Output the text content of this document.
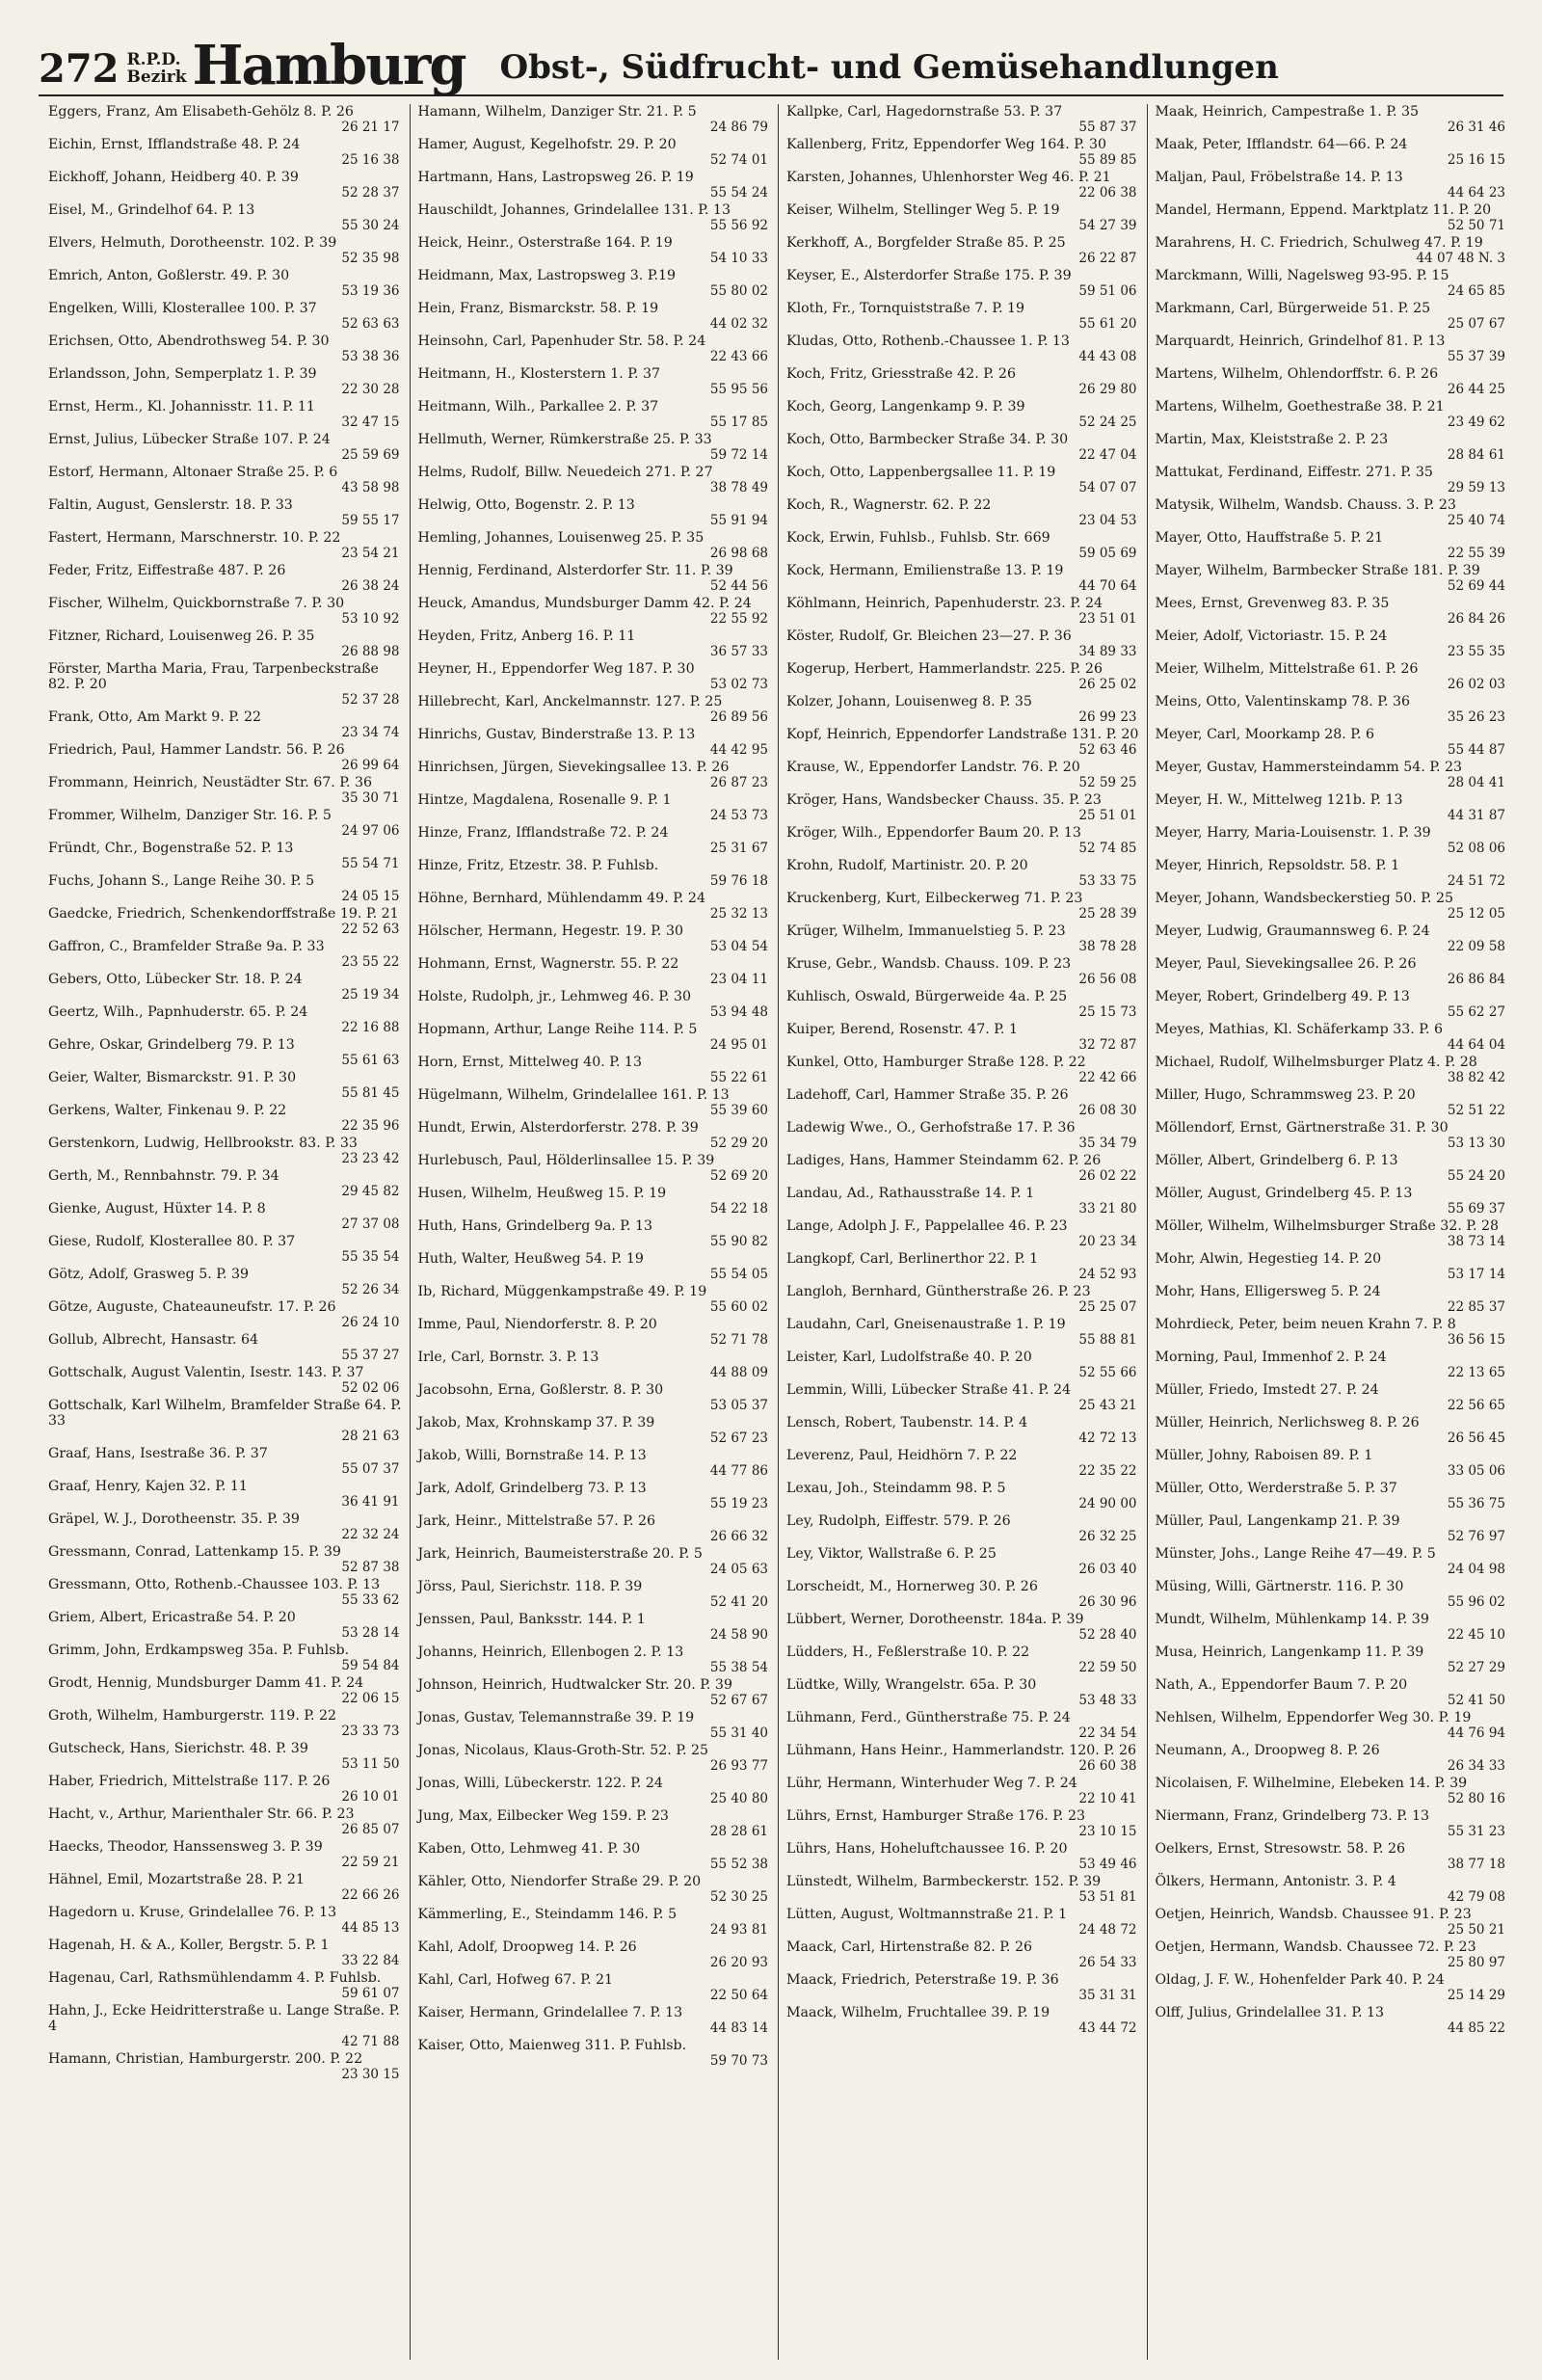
272 R.P.D.
Bezirk Hamburg Obst-, Südfrucht- und Gemüsehandlungen
Eggers, Franz, Am Elisabeth-Gehölz 8. P. 26
26 21 17
Eichin, Ernst, Ifflandstraße 48. P. 24
25 16 38
Eickhoff, Johann, Heidberg 40. P. 39
52 28 37
Eisel, M., Grindelhof 64. P. 13
55 30 24
Elvers, Helmuth, Dorotheenstr. 102. P. 39
52 35 98
Emrich, Anton, Goßlerstr. 49. P. 30
53 19 36
Engelken, Willi, Klosterallee 100. P. 37
52 63 63
Erichsen, Otto, Abendrothsweg 54. P. 30
53 38 36
Erlandsson, John, Semperplatz 1. P. 39
22 30 28
Ernst, Herm., Kl. Johannisstr. 11. P. 11
32 47 15
Ernst, Julius, Lübecker Straße 107. P. 24
25 59 69
Estorf, Hermann, Altonaer Straße 25. P. 6
43 58 98
Faltin, August, Genslerstr. 18. P. 33
59 55 17
Fastert, Hermann, Marschnerstr. 10. P. 22
23 54 21
Feder, Fritz, Eiffestraße 487. P. 26
26 38 24
Fischer, Wilhelm, Quickbornstraße 7. P. 30
53 10 92
Fitzner, Richard, Louisenweg 26. P. 35
26 88 98
Förster, Martha Maria, Frau, Tarpenbeckstraße 82. P. 20
52 37 28
Frank, Otto, Am Markt 9. P. 22
23 34 74
Friedrich, Paul, Hammer Landstr. 56. P. 26
26 99 64
Frommann, Heinrich, Neustädter Str. 67. P. 36
35 30 71
Frommer, Wilhelm, Danziger Str. 16. P. 5
24 97 06
Fründt, Chr., Bogenstraße 52. P. 13
55 54 71
Fuchs, Johann S., Lange Reihe 30. P. 5
24 05 15
Gaedcke, Friedrich, Schenkendorffstraße 19. P. 21
22 52 63
Gaffron, C., Bramfelder Straße 9a. P. 33
23 55 22
Gebers, Otto, Lübecker Str. 18. P. 24
25 19 34
Geertz, Wilh., Papnhuderstr. 65. P. 24
22 16 88
Gehre, Oskar, Grindelberg 79. P. 13
55 61 63
Geier, Walter, Bismarckstr. 91. P. 30
55 81 45
Gerkens, Walter, Finkenau 9. P. 22
22 35 96
Gerstenkorn, Ludwig, Hellbrookstr. 83. P. 33
23 23 42
Gerth, M., Rennbahnstr. 79. P. 34
29 45 82
Gienke, August, Hüxter 14. P. 8
27 37 08
Giese, Rudolf, Klosterallee 80. P. 37
55 35 54
Götz, Adolf, Grasweg 5. P. 39
52 26 34
Götze, Auguste, Chateauneufstr. 17. P. 26
26 24 10
Gollub, Albrecht, Hansastr. 64
55 37 27
Gottschalk, August Valentin, Isestr. 143. P. 37
52 02 06
Gottschalk, Karl Wilhelm, Bramfelder Straße 64. P. 33
28 21 63
Graaf, Hans, Isestraße 36. P. 37
55 07 37
Graaf, Henry, Kajen 32. P. 11
36 41 91
Gräpel, W. J., Dorotheenstr. 35. P. 39
22 32 24
Gressmann, Conrad, Lattenkamp 15. P. 39
52 87 38
Gressmann, Otto, Rothenb.-Chaussee 103. P. 13
55 33 62
Griem, Albert, Ericastraße 54. P. 20
53 28 14
Grimm, John, Erdkampsweg 35a. P. Fuhlsb.
59 54 84
Grodt, Hennig, Mundsburger Damm 41. P. 24
22 06 15
Groth, Wilhelm, Hamburgerstr. 119. P. 22
23 33 73
Gutscheck, Hans, Sierichstr. 48. P. 39
53 11 50
Haber, Friedrich, Mittelstraße 117. P. 26
26 10 01
Hacht, v., Arthur, Marienthaler Str. 66. P. 23
26 85 07
Haecks, Theodor, Hanssensweg 3. P. 39
22 59 21
Hähnel, Emil, Mozartstraße 28. P. 21
22 66 26
Hagedorn u. Kruse, Grindelallee 76. P. 13
44 85 13
Hagenah, H. & A., Koller, Bergstr. 5. P. 1
33 22 84
Hagenau, Carl, Rathsmühlendamm 4. P. Fuhlsb.
59 61 07
Hahn, J., Ecke Heidritterstraße u. Lange Straße. P. 4
42 71 88
Hamann, Christian, Hamburgerstr. 200. P. 22
23 30 15
Hamann, Wilhelm, Danziger Str. 21. P. 5
24 86 79
Hamer, August, Kegelhofstr. 29. P. 20
52 74 01
Hartmann, Hans, Lastropsweg 26. P. 19
55 54 24
Hauschildt, Johannes, Grindelallee 131. P. 13
55 56 92
Heick, Heinr., Osterstraße 164. P. 19
54 10 33
Heidmann, Max, Lastropsweg 3. P.19
55 80 02
Hein, Franz, Bismarckstr. 58. P. 19
44 02 32
Heinsohn, Carl, Papenhuder Str. 58. P. 24
22 43 66
Heitmann, H., Klosterstern 1. P. 37
55 95 56
Heitmann, Wilh., Parkallee 2. P. 37
55 17 85
Hellmuth, Werner, Rümkerstraße 25. P. 33
59 72 14
Helms, Rudolf, Billw. Neuedeich 271. P. 27
38 78 49
Helwig, Otto, Bogenstr. 2. P. 13
55 91 94
Hemling, Johannes, Louisenweg 25. P. 35
26 98 68
Hennig, Ferdinand, Alsterdorfer Str. 11. P. 39
52 44 56
Heuck, Amandus, Mundsburger Damm 42. P. 24
22 55 92
Heyden, Fritz, Anberg 16. P. 11
36 57 33
Heyner, H., Eppendorfer Weg 187. P. 30
53 02 73
Hillebrecht, Karl, Anckelmannstr. 127. P. 25
26 89 56
Hinrichs, Gustav, Binderstraße 13. P. 13
44 42 95
Hinrichsen, Jürgen, Sievekingsallee 13. P. 26
26 87 23
Hintze, Magdalena, Rosenalle 9. P. 1
24 53 73
Hinze, Franz, Ifflandstraße 72. P. 24
25 31 67
Hinze, Fritz, Etzestr. 38. P. Fuhlsb.
59 76 18
Höhne, Bernhard, Mühlendamm 49. P. 24
25 32 13
Hölscher, Hermann, Hegestr. 19. P. 30
53 04 54
Hohmann, Ernst, Wagnerstr. 55. P. 22
23 04 11
Holste, Rudolph, jr., Lehmweg 46. P. 30
53 94 48
Hopmann, Arthur, Lange Reihe 114. P. 5
24 95 01
Horn, Ernst, Mittelweg 40. P. 13
55 22 61
Hügelmann, Wilhelm, Grindelallee 161. P. 13
55 39 60
Hundt, Erwin, Alsterdorferstr. 278. P. 39
52 29 20
Hurlebusch, Paul, Hölderlinsallee 15. P. 39
52 69 20
Husen, Wilhelm, Heußweg 15. P. 19
54 22 18
Huth, Hans, Grindelberg 9a. P. 13
55 90 82
Huth, Walter, Heußweg 54. P. 19
55 54 05
Ib, Richard, Müggenkampstraße 49. P. 19
55 60 02
Imme, Paul, Niendorferstr. 8. P. 20
52 71 78
Irle, Carl, Bornstr. 3. P. 13
44 88 09
Jacobsohn, Erna, Goßlerstr. 8. P. 30
53 05 37
Jakob, Max, Krohnskamp 37. P. 39
52 67 23
Jakob, Willi, Bornstraße 14. P. 13
44 77 86
Jark, Adolf, Grindelberg 73. P. 13
55 19 23
Jark, Heinr., Mittelstraße 57. P. 26
26 66 32
Jark, Heinrich, Baumeisterstraße 20. P. 5
24 05 63
Jörss, Paul, Sierichstr. 118. P. 39
52 41 20
Jenssen, Paul, Banksstr. 144. P. 1
24 58 90
Johanns, Heinrich, Ellenbogen 2. P. 13
55 38 54
Johnson, Heinrich, Hudtwalcker Str. 20. P. 39
52 67 67
Jonas, Gustav, Telemannstraße 39. P. 19
55 31 40
Jonas, Nicolaus, Klaus-Groth-Str. 52. P. 25
26 93 77
Jonas, Willi, Lübeckerstr. 122. P. 24
25 40 80
Jung, Max, Eilbecker Weg 159. P. 23
28 28 61
Kaben, Otto, Lehmweg 41. P. 30
55 52 38
Kähler, Otto, Niendorfer Straße 29. P. 20
52 30 25
Kämmerling, E., Steindamm 146. P. 5
24 93 81
Kahl, Adolf, Droopweg 14. P. 26
26 20 93
Kahl, Carl, Hofweg 67. P. 21
22 50 64
Kaiser, Hermann, Grindelallee 7. P. 13
44 83 14
Kaiser, Otto, Maienweg 311. P. Fuhlsb.
59 70 73
Kallpke, Carl, Hagedornstraße 53. P. 37
55 87 37
Kallenberg, Fritz, Eppendorfer Weg 164. P. 30
55 89 85
Karsten, Johannes, Uhlenhorster Weg 46. P. 21
22 06 38
Keiser, Wilhelm, Stellinger Weg 5. P. 19
54 27 39
Kerkhoff, A., Borgfelder Straße 85. P. 25
26 22 87
Keyser, E., Alsterdorfer Straße 175. P. 39
59 51 06
Kloth, Fr., Tornquiststraße 7. P. 19
55 61 20
Kludas, Otto, Rothenb.-Chaussee 1. P. 13
44 43 08
Koch, Fritz, Griesstraße 42. P. 26
26 29 80
Koch, Georg, Langenkamp 9. P. 39
52 24 25
Koch, Otto, Barmbecker Straße 34. P. 30
22 47 04
Koch, Otto, Lappenbergsallee 11. P. 19
54 07 07
Koch, R., Wagnerstr. 62. P. 22
23 04 53
Kock, Erwin, Fuhlsb., Fuhlsb. Str. 669
59 05 69
Kock, Hermann, Emilienstraße 13. P. 19
44 70 64
Köhlmann, Heinrich, Papenhuderstr. 23. P. 24
23 51 01
Köster, Rudolf, Gr. Bleichen 23—27. P. 36
34 89 33
Kogerup, Herbert, Hammerlandstr. 225. P. 26
26 25 02
Kolzer, Johann, Louisenweg 8. P. 35
26 99 23
Kopf, Heinrich, Eppendorfer Landstraße 131. P. 20
52 63 46
Krause, W., Eppendorfer Landstr. 76. P. 20
52 59 25
Kröger, Hans, Wandsbecker Chauss. 35. P. 23
25 51 01
Kröger, Wilh., Eppendorfer Baum 20. P. 13
52 74 85
Krohn, Rudolf, Martinistr. 20. P. 20
53 33 75
Kruckenberg, Kurt, Eilbeckerweg 71. P. 23
25 28 39
Krüger, Wilhelm, Immanuelstieg 5. P. 23
38 78 28
Kruse, Gebr., Wandsb. Chauss. 109. P. 23
26 56 08
Kuhlisch, Oswald, Bürgerweide 4a. P. 25
25 15 73
Kuiper, Berend, Rosenstr. 47. P. 1
32 72 87
Kunkel, Otto, Hamburger Straße 128. P. 22
22 42 66
Ladehoff, Carl, Hammer Straße 35. P. 26
26 08 30
Ladewig Wwe., O., Gerhofstraße 17. P. 36
35 34 79
Ladiges, Hans, Hammer Steindamm 62. P. 26
26 02 22
Landau, Ad., Rathausstraße 14. P. 1
33 21 80
Lange, Adolph J. F., Pappelallee 46. P. 23
20 23 34
Langkopf, Carl, Berlinerthor 22. P. 1
24 52 93
Langloh, Bernhard, Güntherstraße 26. P. 23
25 25 07
Laudahn, Carl, Gneisenaustraße 1. P. 19
55 88 81
Leister, Karl, Ludolfstraße 40. P. 20
52 55 66
Lemmin, Willi, Lübecker Straße 41. P. 24
25 43 21
Lensch, Robert, Taubenstr. 14. P. 4
42 72 13
Leverenz, Paul, Heidhörn 7. P. 22
22 35 22
Lexau, Joh., Steindamm 98. P. 5
24 90 00
Ley, Rudolph, Eiffestr. 579. P. 26
26 32 25
Ley, Viktor, Wallstraße 6. P. 25
26 03 40
Lorscheidt, M., Hornerweg 30. P. 26
26 30 96
Lübbert, Werner, Dorotheenstr. 184a. P. 39
52 28 40
Lüdders, H., Feßlerstraße 10. P. 22
22 59 50
Lüdtke, Willy, Wrangelstr. 65a. P. 30
53 48 33
Lühmann, Ferd., Güntherstraße 75. P. 24
22 34 54
Lühmann, Hans Heinr., Hammerlandstr. 120. P. 26
26 60 38
Lühr, Hermann, Winterhuder Weg 7. P. 24
22 10 41
Lührs, Ernst, Hamburger Straße 176. P. 23
23 10 15
Lührs, Hans, Hoheluftchaussee 16. P. 20
53 49 46
Lünstedt, Wilhelm, Barmbeckerstr. 152. P. 39
53 51 81
Lütten, August, Woltmannstraße 21. P. 1
24 48 72
Maack, Carl, Hirtenstraße 82. P. 26
26 54 33
Maack, Friedrich, Peterstraße 19. P. 36
35 31 31
Maack, Wilhelm, Fruchtallee 39. P. 19
43 44 72
Maak, Heinrich, Campestraße 1. P. 35
26 31 46
Maak, Peter, Ifflandstr. 64—66. P. 24
25 16 15
Maljan, Paul, Fröbelstraße 14. P. 13
44 64 23
Mandel, Hermann, Eppend. Marktplatz 11. P. 20
52 50 71
Marahrens, H. C. Friedrich, Schulweg 47. P. 19
44 07 48 N. 3
Marckmann, Willi, Nagelsweg 93-95. P. 15
24 65 85
Markmann, Carl, Bürgerweide 51. P. 25
25 07 67
Marquardt, Heinrich, Grindelhof 81. P. 13
55 37 39
Martens, Wilhelm, Ohlendorffstr. 6. P. 26
26 44 25
Martens, Wilhelm, Goethestraße 38. P. 21
23 49 62
Martin, Max, Kleiststraße 2. P. 23
28 84 61
Mattukat, Ferdinand, Eiffestr. 271. P. 35
29 59 13
Matysik, Wilhelm, Wandsb. Chauss. 3. P. 23
25 40 74
Mayer, Otto, Hauffstraße 5. P. 21
22 55 39
Mayer, Wilhelm, Barmbecker Straße 181. P. 39
52 69 44
Mees, Ernst, Grevenweg 83. P. 35
26 84 26
Meier, Adolf, Victoriastr. 15. P. 24
23 55 35
Meier, Wilhelm, Mittelstraße 61. P. 26
26 02 03
Meins, Otto, Valentinskamp 78. P. 36
35 26 23
Meyer, Carl, Moorkamp 28. P. 6
55 44 87
Meyer, Gustav, Hammersteindamm 54. P. 23
28 04 41
Meyer, H. W., Mittelweg 121b. P. 13
44 31 87
Meyer, Harry, Maria-Louisenstr. 1. P. 39
52 08 06
Meyer, Hinrich, Repsoldstr. 58. P. 1
24 51 72
Meyer, Johann, Wandsbeckerstieg 50. P. 25
25 12 05
Meyer, Ludwig, Graumannsweg 6. P. 24
22 09 58
Meyer, Paul, Sievekingsallee 26. P. 26
26 86 84
Meyer, Robert, Grindelberg 49. P. 13
55 62 27
Meyes, Mathias, Kl. Schäferkamp 33. P. 6
44 64 04
Michael, Rudolf, Wilhelmsburger Platz 4. P. 28
38 82 42
Miller, Hugo, Schrammsweg 23. P. 20
52 51 22
Möllendorf, Ernst, Gärtnerstraße 31. P. 30
53 13 30
Möller, Albert, Grindelberg 6. P. 13
55 24 20
Möller, August, Grindelberg 45. P. 13
55 69 37
Möller, Wilhelm, Wilhelmsburger Straße 32. P. 28
38 73 14
Mohr, Alwin, Hegestieg 14. P. 20
53 17 14
Mohr, Hans, Elligersweg 5. P. 24
22 85 37
Mohrdieck, Peter, beim neuen Krahn 7. P. 8
36 56 15
Morning, Paul, Immenhof 2. P. 24
22 13 65
Müller, Friedo, Imstedt 27. P. 24
22 56 65
Müller, Heinrich, Nerlichsweg 8. P. 26
26 56 45
Müller, Johny, Raboisen 89. P. 1
33 05 06
Müller, Otto, Werderstraße 5. P. 37
55 36 75
Müller, Paul, Langenkamp 21. P. 39
52 76 97
Münster, Johs., Lange Reihe 47—49. P. 5
24 04 98
Müsing, Willi, Gärtnerstr. 116. P. 30
55 96 02
Mundt, Wilhelm, Mühlenkamp 14. P. 39
22 45 10
Musa, Heinrich, Langenkamp 11. P. 39
52 27 29
Nath, A., Eppendorfer Baum 7. P. 20
52 41 50
Nehlsen, Wilhelm, Eppendorfer Weg 30. P. 19
44 76 94
Neumann, A., Droopweg 8. P. 26
26 34 33
Nicolaisen, F. Wilhelmine, Elebeken 14. P. 39
52 80 16
Niermann, Franz, Grindelberg 73. P. 13
55 31 23
Oelkers, Ernst, Stresowstr. 58. P. 26
38 77 18
Ölkers, Hermann, Antonistr. 3. P. 4
42 79 08
Oetjen, Heinrich, Wandsb. Chaussee 91. P. 23
25 50 21
Oetjen, Hermann, Wandsb. Chaussee 72. P. 23
25 80 97
Oldag, J. F. W., Hohenfelder Park 40. P. 24
25 14 29
Olff, Julius, Grindelallee 31. P. 13
44 85 22
